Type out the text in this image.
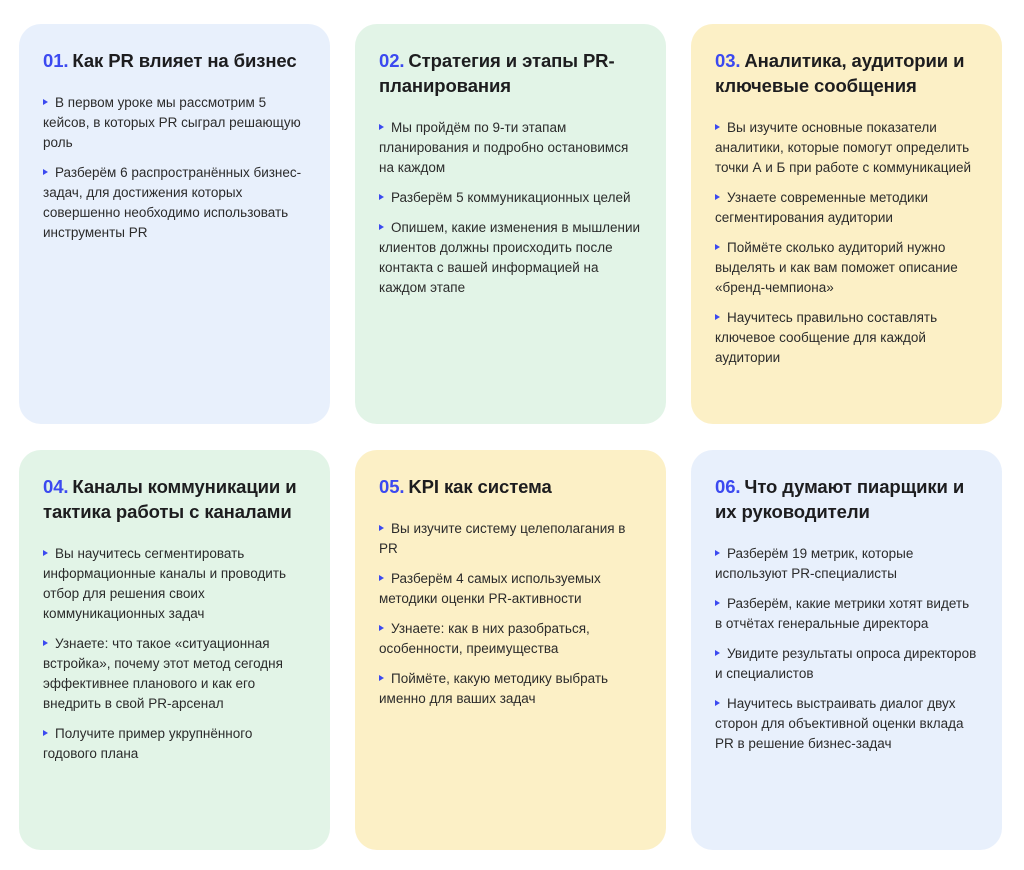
01. Как PR влияет на бизнес
В первом уроке мы рассмотрим 5 кейсов, в которых PR сыграл решающую роль
Разберём 6 распространённых бизнес-задач, для достижения которых совершенно необходимо использовать инструменты PR
02. Стратегия и этапы PR-планирования
Мы пройдём по 9-ти этапам планирования и подробно остановимся на каждом
Разберём 5 коммуникационных целей
Опишем, какие изменения в мышлении клиентов должны происходить после контакта с вашей информацией на каждом этапе
03. Аналитика, аудитории и ключевые сообщения
Вы изучите основные показатели аналитики, которые помогут определить точки А и Б при работе с коммуникацией
Узнаете современные методики сегментирования аудитории
Поймёте сколько аудиторий нужно выделять и как вам поможет описание «бренд-чемпиона»
Научитесь правильно составлять ключевое сообщение для каждой аудитории
04. Каналы коммуникации и тактика работы с каналами
Вы научитесь сегментировать информационные каналы и проводить отбор для решения своих коммуникационных задач
Узнаете: что такое «ситуационная встройка», почему этот метод сегодня эффективнее планового и как его внедрить в свой PR-арсенал
Получите пример укрупнённого годового плана
05. KPI как система
Вы изучите систему целеполагания в PR
Разберём 4 самых используемых методики оценки PR-активности
Узнаете: как в них разобраться, особенности, преимущества
Поймёте, какую методику выбрать именно для ваших задач
06. Что думают пиарщики и их руководители
Разберём 19 метрик, которые используют PR-специалисты
Разберём, какие метрики хотят видеть в отчётах генеральные директора
Увидите результаты опроса директоров и специалистов
Научитесь выстраивать диалог двух сторон для объективной оценки вклада PR в решение бизнес-задач
